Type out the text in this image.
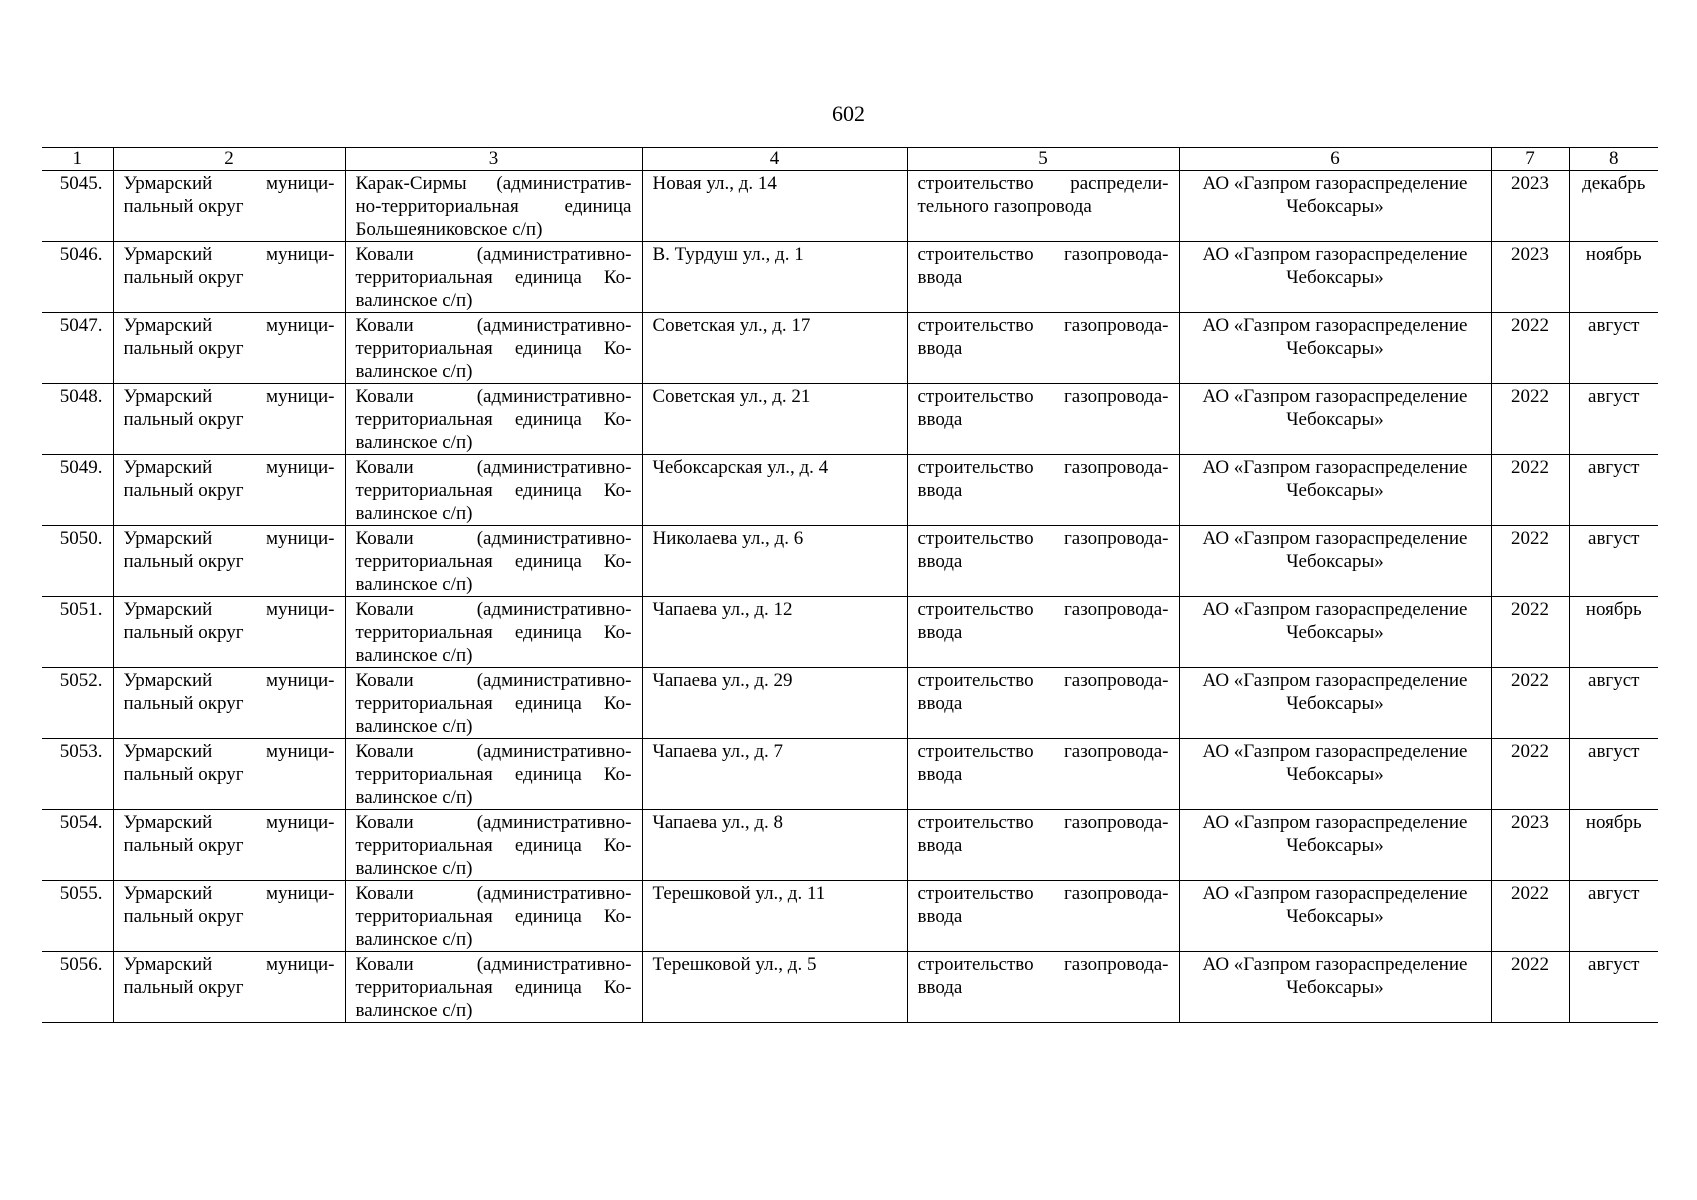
602
1	2	3	4	5	6	7	8
5045.	Урмарский муници-пальный округ	Карак-Сирмы (административ-но-территориальная единица Большеяниковское с/п)	Новая ул., д. 14	строительство распредели-тельного газопровода	АО «Газпром газораспределение Чебоксары»	2023	декабрь
5046.	Урмарский муници-пальный округ	Ковали (административно-территориальная единица Ко-валинское с/п)	В. Турдуш ул., д. 1	строительство газопровода-ввода	АО «Газпром газораспределение Чебоксары»	2023	ноябрь
5047.	Урмарский муници-пальный округ	Ковали (административно-территориальная единица Ко-валинское с/п)	Советская ул., д. 17	строительство газопровода-ввода	АО «Газпром газораспределение Чебоксары»	2022	август
5048.	Урмарский муници-пальный округ	Ковали (административно-территориальная единица Ко-валинское с/п)	Советская ул., д. 21	строительство газопровода-ввода	АО «Газпром газораспределение Чебоксары»	2022	август
5049.	Урмарский муници-пальный округ	Ковали (административно-территориальная единица Ко-валинское с/п)	Чебоксарская ул., д. 4	строительство газопровода-ввода	АО «Газпром газораспределение Чебоксары»	2022	август
5050.	Урмарский муници-пальный округ	Ковали (административно-территориальная единица Ко-валинское с/п)	Николаева ул., д. 6	строительство газопровода-ввода	АО «Газпром газораспределение Чебоксары»	2022	август
5051.	Урмарский муници-пальный округ	Ковали (административно-территориальная единица Ко-валинское с/п)	Чапаева ул., д. 12	строительство газопровода-ввода	АО «Газпром газораспределение Чебоксары»	2022	ноябрь
5052.	Урмарский муници-пальный округ	Ковали (административно-территориальная единица Ко-валинское с/п)	Чапаева ул., д. 29	строительство газопровода-ввода	АО «Газпром газораспределение Чебоксары»	2022	август
5053.	Урмарский муници-пальный округ	Ковали (административно-территориальная единица Ко-валинское с/п)	Чапаева ул., д. 7	строительство газопровода-ввода	АО «Газпром газораспределение Чебоксары»	2022	август
5054.	Урмарский муници-пальный округ	Ковали (административно-территориальная единица Ко-валинское с/п)	Чапаева ул., д. 8	строительство газопровода-ввода	АО «Газпром газораспределение Чебоксары»	2023	ноябрь
5055.	Урмарский муници-пальный округ	Ковали (административно-территориальная единица Ко-валинское с/п)	Терешковой ул., д. 11	строительство газопровода-ввода	АО «Газпром газораспределение Чебоксары»	2022	август
5056.	Урмарский муници-пальный округ	Ковали (административно-территориальная единица Ко-валинское с/п)	Терешковой ул., д. 5	строительство газопровода-ввода	АО «Газпром газораспределение Чебоксары»	2022	август
